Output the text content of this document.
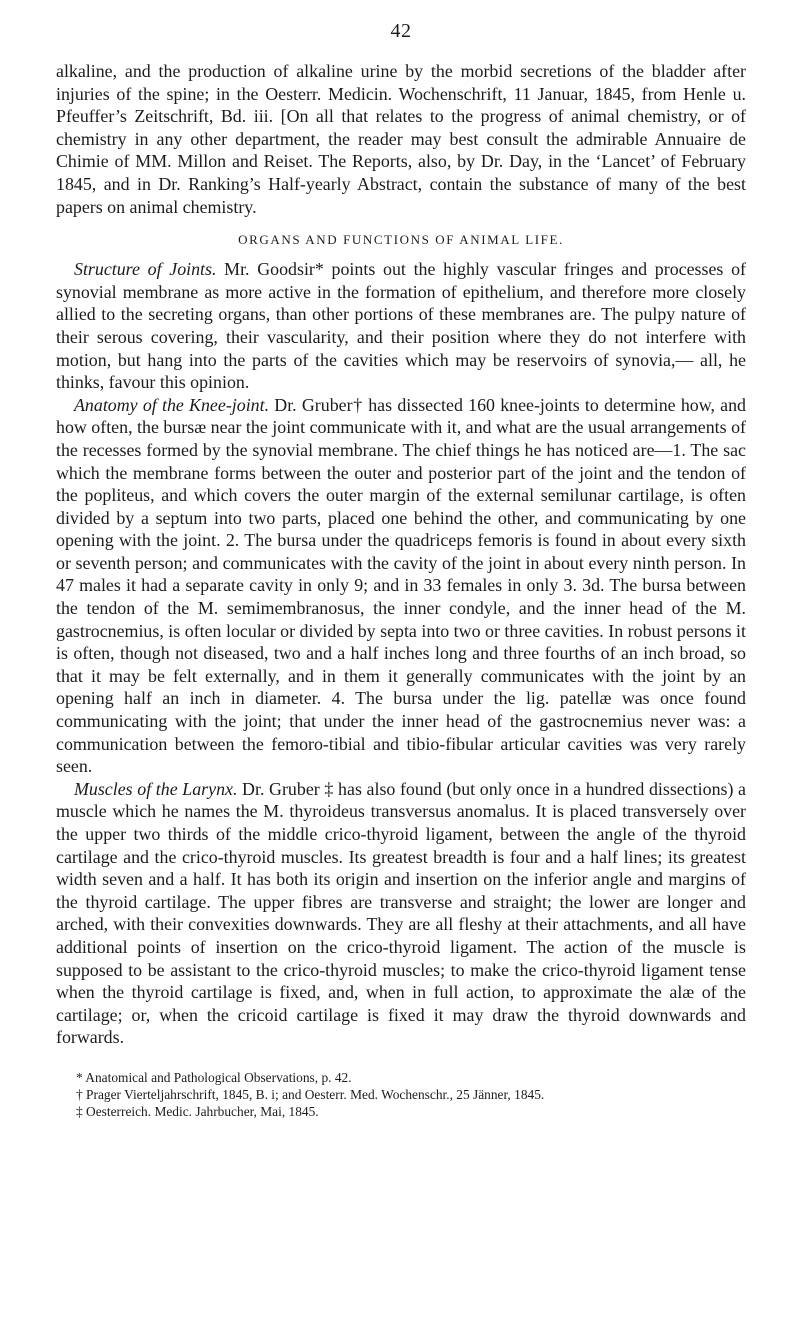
42

alkaline, and the production of alkaline urine by the morbid secretions of the bladder after injuries of the spine; in the Oesterr. Medicin. Wochenschrift, 11 Januar, 1845, from Henle u. Pfeuffer’s Zeitschrift, Bd. iii. [On all that relates to the progress of animal chemistry, or of chemistry in any other department, the reader may best consult the admirable Annuaire de Chimie of MM. Millon and Reiset. The Reports, also, by Dr. Day, in the ‘Lancet’ of February 1845, and in Dr. Ranking’s Half-yearly Abstract, contain the substance of many of the best papers on animal chemistry.

ORGANS AND FUNCTIONS OF ANIMAL LIFE.

Structure of Joints. Mr. Goodsir* points out the highly vascular fringes and processes of synovial membrane as more active in the formation of epithelium, and therefore more closely allied to the secreting organs, than other portions of these membranes are. The pulpy nature of their serous covering, their vascularity, and their position where they do not interfere with motion, but hang into the parts of the cavities which may be reservoirs of synovia,— all, he thinks, favour this opinion.

Anatomy of the Knee-joint. Dr. Gruber† has dissected 160 knee-joints to determine how, and how often, the bursæ near the joint communicate with it, and what are the usual arrangements of the recesses formed by the synovial membrane. The chief things he has noticed are—1. The sac which the membrane forms between the outer and posterior part of the joint and the tendon of the popliteus, and which covers the outer margin of the external semilunar cartilage, is often divided by a septum into two parts, placed one behind the other, and communicating by one opening with the joint. 2. The bursa under the quadriceps femoris is found in about every sixth or seventh person; and communicates with the cavity of the joint in about every ninth person. In 47 males it had a separate cavity in only 9; and in 33 females in only 3. 3d. The bursa between the tendon of the M. semimembranosus, the inner condyle, and the inner head of the M. gastrocnemius, is often locular or divided by septa into two or three cavities. In robust persons it is often, though not diseased, two and a half inches long and three fourths of an inch broad, so that it may be felt externally, and in them it generally communicates with the joint by an opening half an inch in diameter. 4. The bursa under the lig. patellæ was once found communicating with the joint; that under the inner head of the gastrocnemius never was: a communication between the femoro-tibial and tibio-fibular articular cavities was very rarely seen.

Muscles of the Larynx. Dr. Gruber ‡ has also found (but only once in a hundred dissections) a muscle which he names the M. thyroideus transversus anomalus. It is placed transversely over the upper two thirds of the middle crico-thyroid ligament, between the angle of the thyroid cartilage and the crico-thyroid muscles. Its greatest breadth is four and a half lines; its greatest width seven and a half. It has both its origin and insertion on the inferior angle and margins of the thyroid cartilage. The upper fibres are transverse and straight; the lower are longer and arched, with their convexities downwards. They are all fleshy at their attachments, and all have additional points of insertion on the crico-thyroid ligament. The action of the muscle is supposed to be assistant to the crico-thyroid muscles; to make the crico-thyroid ligament tense when the thyroid cartilage is fixed, and, when in full action, to approximate the alæ of the cartilage; or, when the cricoid cartilage is fixed it may draw the thyroid downwards and forwards.

* Anatomical and Pathological Observations, p. 42.

† Prager Vierteljahrschrift, 1845, B. i; and Oesterr. Med. Wochenschr., 25 Jänner, 1845.

‡ Oesterreich. Medic. Jahrbucher, Mai, 1845.
